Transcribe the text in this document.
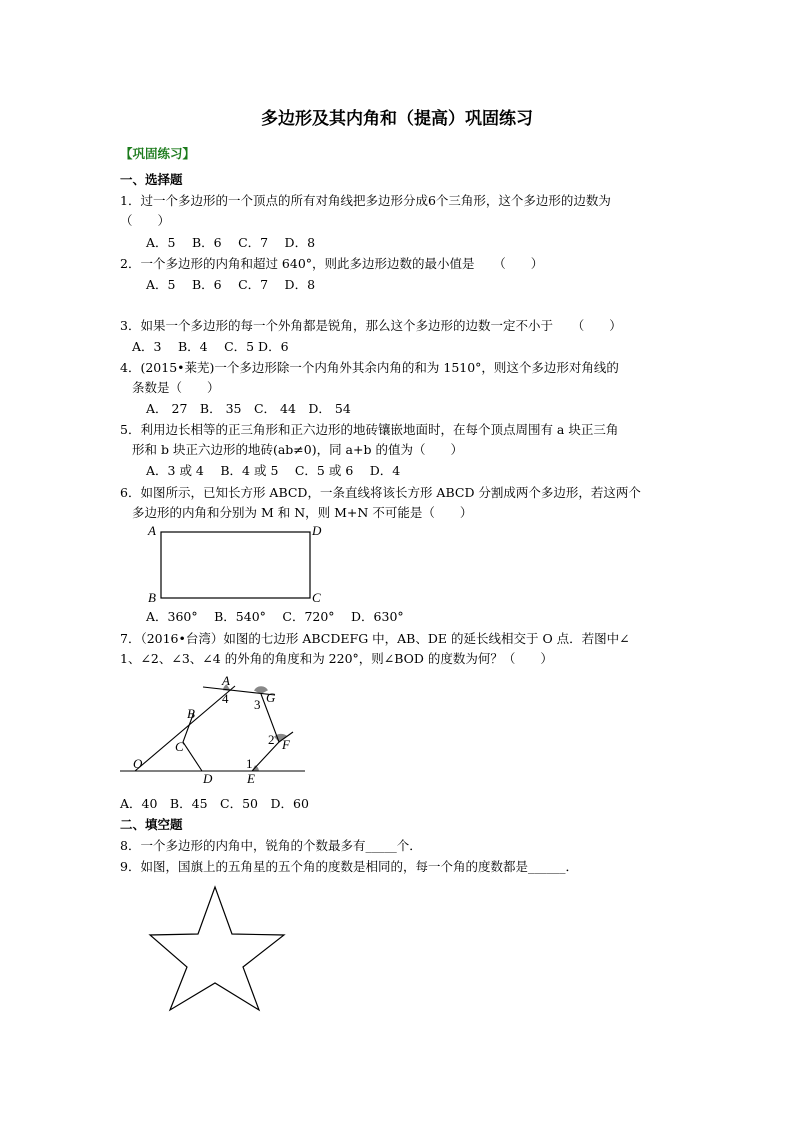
多边形及其内角和（提高）巩固练习
【巩固练习】
一、选择题
1．过一个多边形的一个顶点的所有对角线把多边形分成6个三角形，这个多边形的边数为
（　　）
A．5　 B．6　 C．7　 D．8
2．一个多边形的内角和超过 640°，则此多边形边数的最小值是　　（　　）
A．5　 B．6　 C．7　 D．8
3．如果一个多边形的每一个外角都是锐角，那么这个多边形的边数一定不小于　　（　　）
A．3　 B．4　 C．5 D．6
4．(2015•莱芜)一个多边形除一个内角外其余内角的和为 1510°，则这个多边形对角线的
条数是（　　）
A． 27　B． 35　C． 44　D． 54
5．利用边长相等的正三角形和正六边形的地砖镶嵌地面时，在每个顶点周围有 a 块正三角
形和 b 块正六边形的地砖(ab≠0)，同 a+b 的值为（　　）
A．3 或 4　 B．4 或 5　 C．5 或 6　 D．4
6．如图所示，已知长方形 ABCD，一条直线将该长方形 ABCD 分割成两个多边形，若这两个
多边形的内角和分别为 M 和 N，则 M+N 不可能是（　　）
A	D
B	C
A．360°　 B．540°　 C．720°　 D．630°
7．（2016•台湾）如图的七边形 ABCDEFG 中，AB、DE 的延长线相交于 O 点．若图中∠
1、∠2、∠3、∠4 的外角的角度和为 220°，则∠BOD 的度数为何？（　　）
A
G
B
C
D	E
F
O
4 3
2
1
A．40　B．45　C．50　D．60
二、填空题
8．一个多边形的内角中，锐角的个数最多有_____个．
9．如图，国旗上的五角星的五个角的度数是相同的，每一个角的度数都是______．
